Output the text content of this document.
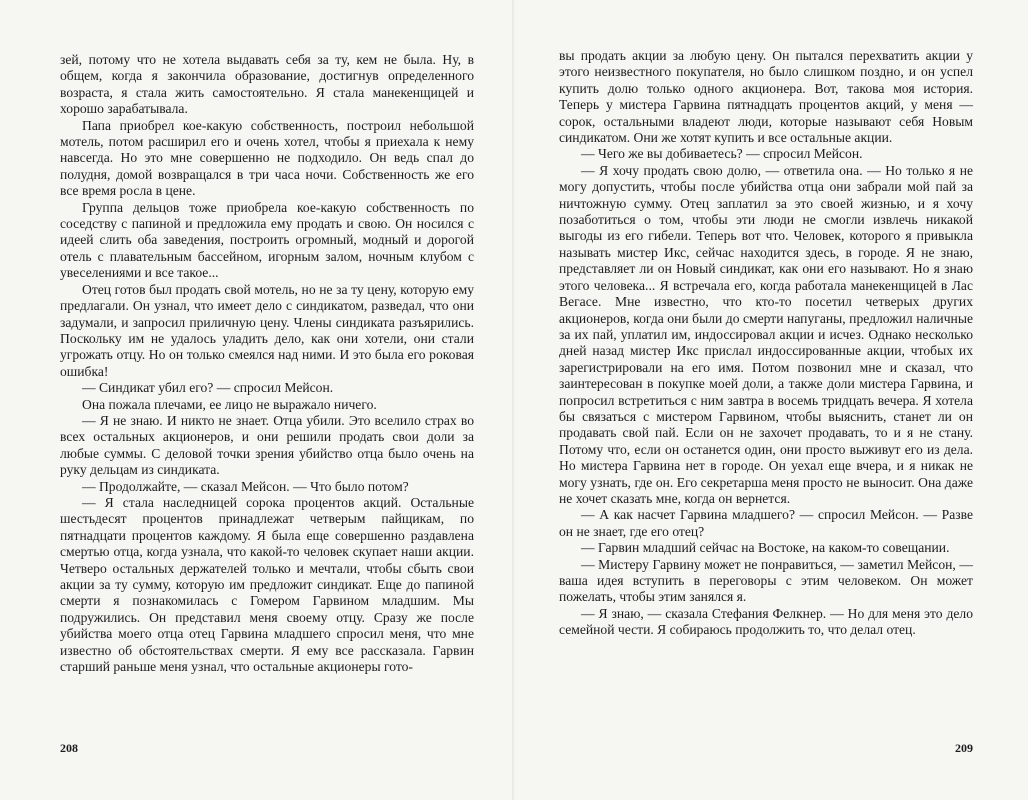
зей, потому что не хотела выдавать себя за ту, кем не была. Ну, в общем, когда я закончила образование, достигнув определенного возраста, я стала жить самостоятельно. Я стала манекенщицей и хорошо зарабатывала.

Папа приобрел кое-какую собственность, построил небольшой мотель, потом расширил его и очень хотел, чтобы я приехала к нему навсегда. Но это мне совершенно не подходило. Он ведь спал до полудня, домой возвращался в три часа ночи. Собственность же его все время росла в цене.

Группа дельцов тоже приобрела кое-какую собственность по соседству с папиной и предложила ему продать и свою. Он носился с идеей слить оба заведения, построить огромный, модный и дорогой отель с плавательным бассейном, игорным залом, ночным клубом с увеселениями и все такое...

Отец готов был продать свой мотель, но не за ту цену, которую ему предлагали. Он узнал, что имеет дело с синдикатом, разведал, что они задумали, и запросил приличную цену. Члены синдиката разъярились. Поскольку им не удалось уладить дело, как они хотели, они стали угрожать отцу. Но он только смеялся над ними. И это была его роковая ошибка!

— Синдикат убил его? — спросил Мейсон.

Она пожала плечами, ее лицо не выражало ничего.

— Я не знаю. И никто не знает. Отца убили. Это вселило страх во всех остальных акционеров, и они решили продать свои доли за любые суммы. С деловой точки зрения убийство отца было очень на руку дельцам из синдиката.

— Продолжайте, — сказал Мейсон. — Что было потом?

— Я стала наследницей сорока процентов акций. Остальные шестьдесят процентов принадлежат четверым пайщикам, по пятнадцати процентов каждому. Я была еще совершенно раздавлена смертью отца, когда узнала, что какой-то человек скупает наши акции. Четверо остальных держателей только и мечтали, чтобы сбыть свои акции за ту сумму, которую им предложит синдикат. Еще до папиной смерти я познакомилась с Гомером Гарвином младшим. Мы подружились. Он представил меня своему отцу. Сразу же после убийства моего отца отец Гарвина младшего спросил меня, что мне известно об обстоятельствах смерти. Я ему все рассказала. Гарвин старший раньше меня узнал, что остальные акционеры гото-

208

вы продать акции за любую цену. Он пытался перехватить акции у этого неизвестного покупателя, но было слишком поздно, и он успел купить долю только одного акционера. Вот, такова моя история. Теперь у мистера Гарвина пятнадцать процентов акций, у меня — сорок, остальными владеют люди, которые называют себя Новым синдикатом. Они же хотят купить и все остальные акции.

— Чего же вы добиваетесь? — спросил Мейсон.

— Я хочу продать свою долю, — ответила она. — Но только я не могу допустить, чтобы после убийства отца они забрали мой пай за ничтожную сумму. Отец заплатил за это своей жизнью, и я хочу позаботиться о том, чтобы эти люди не смогли извлечь никакой выгоды из его гибели. Теперь вот что. Человек, которого я привыкла называть мистер Икс, сейчас находится здесь, в городе. Я не знаю, представляет ли он Новый синдикат, как они его называют. Но я знаю этого человека... Я встречала его, когда работала манекенщицей в Лас Вегасе. Мне известно, что кто-то посетил четверых других акционеров, когда они были до смерти напуганы, предложил наличные за их пай, уплатил им, индоссировал акции и исчез. Однако несколько дней назад мистер Икс прислал индоссированные акции, чтобых их зарегистрировали на его имя. Потом позвонил мне и сказал, что заинтересован в покупке моей доли, а также доли мистера Гарвина, и попросил встретиться с ним завтра в восемь тридцать вечера. Я хотела бы связаться с мистером Гарвином, чтобы выяснить, станет ли он продавать свой пай. Если он не захочет продавать, то и я не стану. Потому что, если он останется один, они просто выживут его из дела. Но мистера Гарвина нет в городе. Он уехал еще вчера, и я никак не могу узнать, где он. Его секретарша меня просто не выносит. Она даже не хочет сказать мне, когда он вернется.

— А как насчет Гарвина младшего? — спросил Мейсон. — Разве он не знает, где его отец?

— Гарвин младший сейчас на Востоке, на каком-то совещании.

— Мистеру Гарвину может не понравиться, — заметил Мейсон, — ваша идея вступить в переговоры с этим человеком. Он может пожелать, чтобы этим занялся я.

— Я знаю, — сказала Стефания Фелкнер. — Но для меня это дело семейной чести. Я собираюсь продолжить то, что делал отец.

209
